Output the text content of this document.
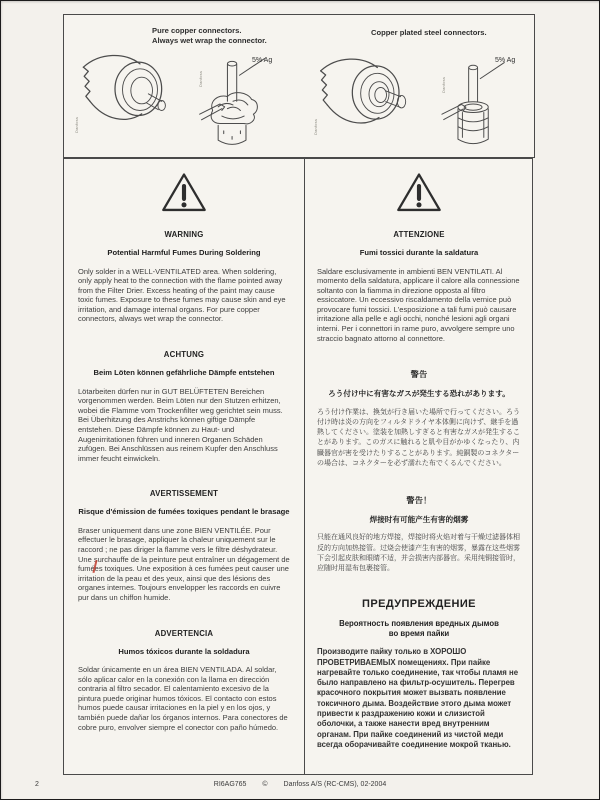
Pure copper connectors.
Always wet wrap the connector.
Danfoss
Danfoss
5% Ag
Copper plated steel connectors.
Danfoss
Danfoss
5% Ag
WARNING
Potential Harmful Fumes During Soldering
Only solder in a WELL-VENTILATED area. When soldering, only apply heat to the connection with the flame pointed away from the Filter Drier. Excess heating of the paint may cause toxic fumes. Exposure to these fumes may cause skin and eye irritation, and damage internal organs. For pure copper connectors, always wet wrap the connector.
ACHTUNG
Beim Löten können gefährliche Dämpfe entstehen
Lötarbeiten dürfen nur in GUT BELÜFTETEN Bereichen vorgenommen werden. Beim Löten nur den Stutzen erhitzen, wobei die Flamme vom Trockenfilter weg gerichtet sein muss. Bei Überhitzung des Anstrichs können giftige Dämpfe entstehen. Diese Dämpfe können zu Haut- und Augenirritationen führen und inneren Organen Schäden zufügen. Bei Anschlüssen aus reinem Kupfer den Anschluss immer feucht einwickeln.
AVERTISSEMENT
Risque d'émission de fumées toxiques pendant le brasage
Braser uniquement dans une zone BIEN VENTILÉE. Pour effectuer le brasage, appliquer la chaleur uniquement sur le raccord ; ne pas diriger la flamme vers le filtre déshydrateur. Une surchauffe de la peinture peut entraîner un dégagement de fumées toxiques. Une exposition à ces fumées peut causer une irritation de la peau et des yeux, ainsi que des lésions des organes internes. Toujours envelopper les raccords en cuivre pur dans un chiffon humide.
ADVERTENCIA
Humos tóxicos durante la soldadura
Soldar únicamente en un área BIEN VENTILADA. Al soldar, sólo aplicar calor en la conexión con la llama en dirección contraria al filtro secador. El calentamiento excesivo de la pintura puede originar humos tóxicos. El contacto con estos humos puede causar irritaciones en la piel y en los ojos, y también puede dañar los órganos internos. Para conectores de cobre puro, envolver siempre el conector con paño húmedo.
ATTENZIONE
Fumi tossici durante la saldatura
Saldare esclusivamente in ambienti BEN VENTILATI. Al momento della saldatura, applicare il calore alla connessione soltanto con la fiamma in direzione opposta al filtro essiccatore. Un eccessivo riscaldamento della vernice può provocare fumi tossici. L'esposizione a tali fumi può causare irritazione alla pelle e agli occhi, nonché lesioni agli organi interni. Per i connettori in rame puro, avvolgere sempre uno straccio bagnato attorno al connettore.
警告
ろう付け中に有害なガスが発生する恐れがあります。
ろう付け作業は、換気が行き届いた場所で行ってください。ろう付け時は炎の方向をフィルタドライヤ本体側に向けず、継手を過熱してください。塗装を加熱しすぎると有害なガスが発生することがあります。このガスに触れると肌や目がかゆくなったり、内臓器官が害を受けたりすることがあります。純銅製のコネクターの場合は、コネクターを必ず濡れた布でくるんでください。
警告！
焊接时有可能产生有害的烟雾
只能在通风良好的地方焊接，焊接时将火焰对着与干燥过滤器体相反的方向加热接管。过烧会使漆产生有害的烟雾，暴露在这些烟雾下会引起皮肤和眼睛不适，并会损害内部器官。采用纯铜接管时，应随时用湿布包裹接管。
ПРЕДУПРЕЖДЕНИЕ
Вероятность появления вредных дымов во время пайки
Производите пайку только в ХОРОШО ПРОВЕТРИВАЕМЫХ помещениях. При пайке нагревайте только соединение, так чтобы пламя не было направлено на фильтр-осушитель. Перегрев красочного покрытия может вызвать появление токсичного дыма. Воздействие этого дыма может привести к раздражению кожи и слизистой оболочки, а также нанести вред внутренним органам. При пайке соединений из чистой меди всегда оборачивайте соединение мокрой тканью.
2	RI6AG765 © Danfoss A/S (RC-CMS), 02-2004
